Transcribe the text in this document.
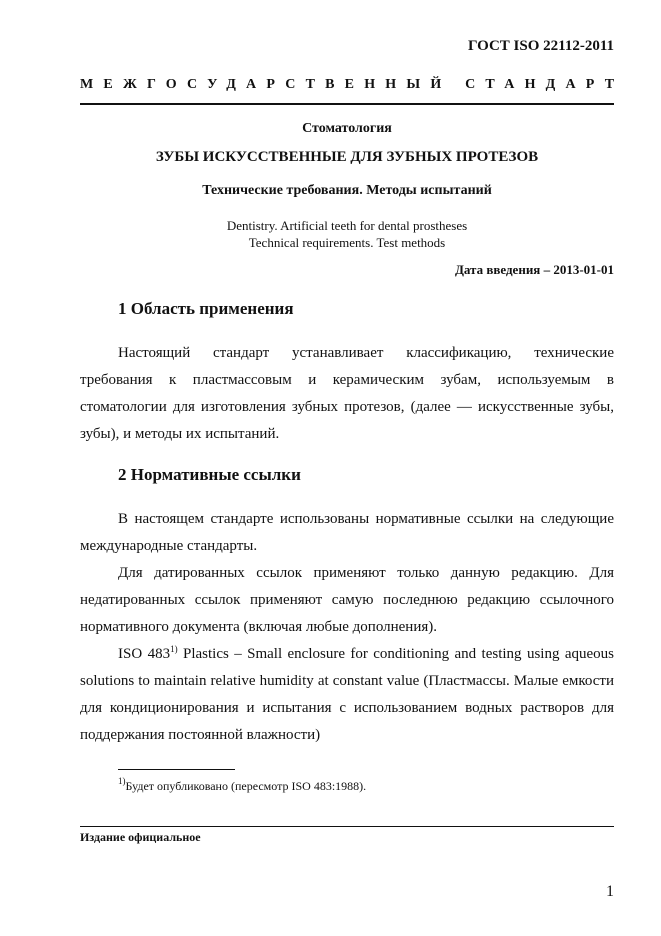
ГОСТ ISO 22112-2011
МЕЖГОСУДАРСТВЕННЫЙ СТАНДАРТ
Стоматология
ЗУБЫ ИСКУССТВЕННЫЕ ДЛЯ ЗУБНЫХ ПРОТЕЗОВ
Технические требования. Методы испытаний
Dentistry. Artificial teeth for dental prostheses
Technical requirements. Test methods
Дата введения – 2013-01-01
1 Область применения
Настоящий стандарт устанавливает классификацию, технические требования к пластмассовым и керамическим зубам, используемым в стоматологии для изготовления зубных протезов, (далее — искусственные зубы, зубы), и методы их испытаний.
2 Нормативные ссылки
В настоящем стандарте использованы нормативные ссылки на следующие международные стандарты.
Для датированных ссылок применяют только данную редакцию. Для недатированных ссылок применяют самую последнюю редакцию ссылочного нормативного документа (включая любые дополнения).
ISO 483$^{1)}$ Plastics – Small enclosure for conditioning and testing using aqueous solutions to maintain relative humidity at constant value (Пластмассы. Малые емкости для кондиционирования и испытания с использованием водных растворов для поддержания постоянной влажности)
$^{1)}$Будет опубликовано (пересмотр ISO 483:1988).
Издание официальное
1
